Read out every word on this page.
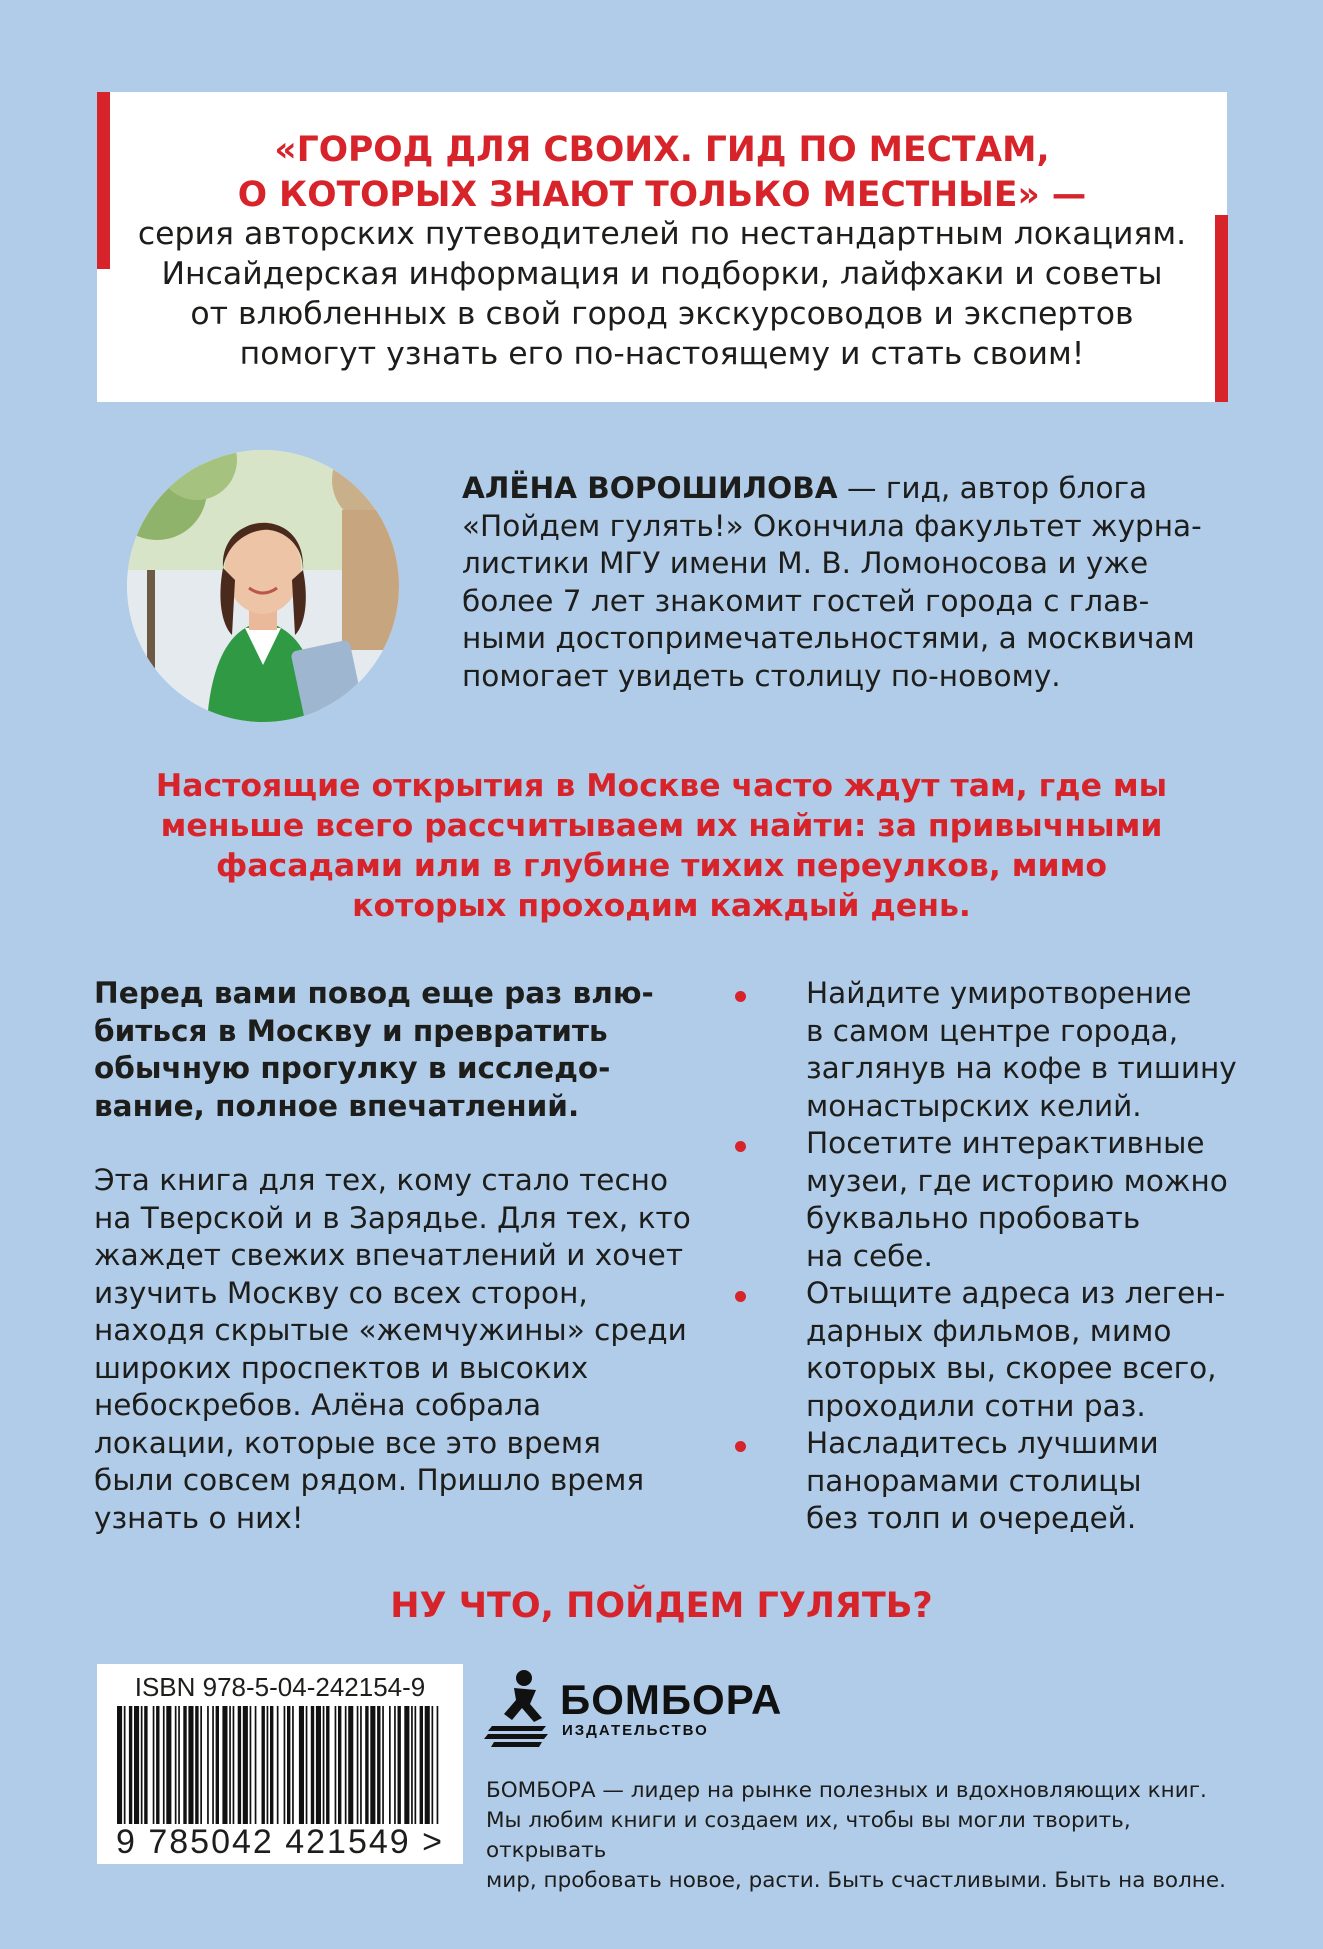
«ГОРОД ДЛЯ СВОИХ. ГИД ПО МЕСТАМ,
О КОТОРЫХ ЗНАЮТ ТОЛЬКО МЕСТНЫЕ» —
серия авторских путеводителей по нестандартным локациям.
Инсайдерская информация и подборки, лайфхаки и советы
от влюбленных в свой город экскурсоводов и экспертов
помогут узнать его по-настоящему и стать своим!
АЛЁНА ВОРОШИЛОВА — гид, автор блога
«Пойдем гулять!» Окончила факультет журна-
листики МГУ имени М. В. Ломоносова и уже
более 7 лет знакомит гостей города с глав-
ными достопримечательностями, а москвичам
помогает увидеть столицу по-новому.
Настоящие открытия в Москве часто ждут там, где мы
меньше всего рассчитываем их найти: за привычными
фасадами или в глубине тихих переулков, мимо
которых проходим каждый день.
Перед вами повод еще раз влю-
биться в Москву и превратить
обычную прогулку в исследо-
вание, полное впечатлений.
Эта книга для тех, кому стало тесно
на Тверской и в Зарядье. Для тех, кто
жаждет свежих впечатлений и хочет
изучить Москву со всех сторон,
находя скрытые «жемчужины» среди
широких проспектов и высоких
небоскребов. Алёна собрала
локации, которые все это время
были совсем рядом. Пришло время
узнать о них!
Найдите умиротворение
в самом центре города,
заглянув на кофе в тишину
монастырских келий.
Посетите интерактивные
музеи, где историю можно
буквально пробовать
на себе.
Отыщите адреса из леген-
дарных фильмов, мимо
которых вы, скорее всего,
проходили сотни раз.
Насладитесь лучшими
панорамами столицы
без толп и очередей.
НУ ЧТО, ПОЙДЕМ ГУЛЯТЬ?
ISBN 978-5-04-242154-9
9 785042 421549 >
БОМБОРА
ИЗДАТЕЛЬСТВО
БОМБОРА — лидер на рынке полезных и вдохновляющих книг.
Мы любим книги и создаем их, чтобы вы могли творить, открывать
мир, пробовать новое, расти. Быть счастливыми. Быть на волне.
